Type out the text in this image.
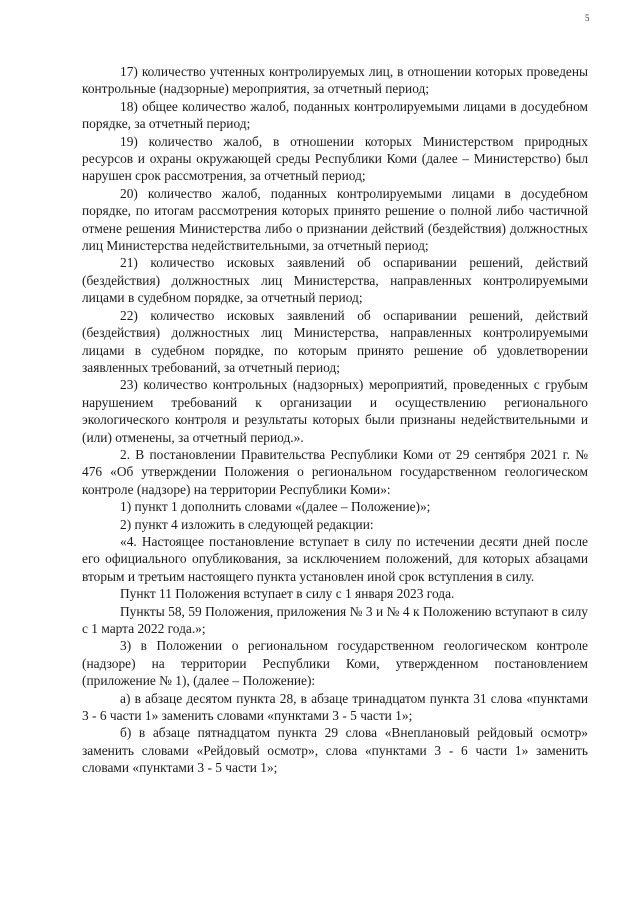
5

17) количество учтенных контролируемых лиц, в отношении которых проведены контрольные (надзорные) мероприятия, за отчетный период;

18) общее количество жалоб, поданных контролируемыми лицами в досудебном порядке, за отчетный период;

19) количество жалоб, в отношении которых Министерством природных ресурсов и охраны окружающей среды Республики Коми (далее – Министерство) был нарушен срок рассмотрения, за отчетный период;

20) количество жалоб, поданных контролируемыми лицами в досудебном порядке, по итогам рассмотрения которых принято решение о полной либо частичной отмене решения Министерства либо о признании действий (бездействия) должностных лиц Министерства недействительными, за отчетный период;

21) количество исковых заявлений об оспаривании решений, действий (бездействия) должностных лиц Министерства, направленных контролируемыми лицами в судебном порядке, за отчетный период;

22) количество исковых заявлений об оспаривании решений, действий (бездействия) должностных лиц Министерства, направленных контролируемыми лицами в судебном порядке, по которым принято решение об удовлетворении заявленных требований, за отчетный период;

23) количество контрольных (надзорных) мероприятий, проведенных с грубым нарушением требований к организации и осуществлению регионального экологического контроля и результаты которых были признаны недействительными и (или) отменены, за отчетный период.».

2. В постановлении Правительства Республики Коми от 29 сентября 2021 г. № 476 «Об утверждении Положения о региональном государственном геологическом контроле (надзоре) на территории Республики Коми»:

1) пункт 1 дополнить словами «(далее – Положение)»;

2) пункт 4 изложить в следующей редакции:

«4. Настоящее постановление вступает в силу по истечении десяти дней после его официального опубликования, за исключением положений, для которых абзацами вторым и третьим настоящего пункта установлен иной срок вступления в силу.

Пункт 11 Положения вступает в силу с 1 января 2023 года.

Пункты 58, 59 Положения, приложения № 3 и № 4 к Положению вступают в силу с 1 марта 2022 года.»;

3) в Положении о региональном государственном геологическом контроле (надзоре) на территории Республики Коми, утвержденном постановлением (приложение № 1), (далее – Положение):

а) в абзаце десятом пункта 28, в абзаце тринадцатом пункта 31 слова «пунктами 3 - 6 части 1» заменить словами «пунктами 3 - 5 части 1»;

б) в абзаце пятнадцатом пункта 29 слова «Внеплановый рейдовый осмотр» заменить словами «Рейдовый осмотр», слова «пунктами 3 - 6 части 1» заменить словами «пунктами 3 - 5 части 1»;
